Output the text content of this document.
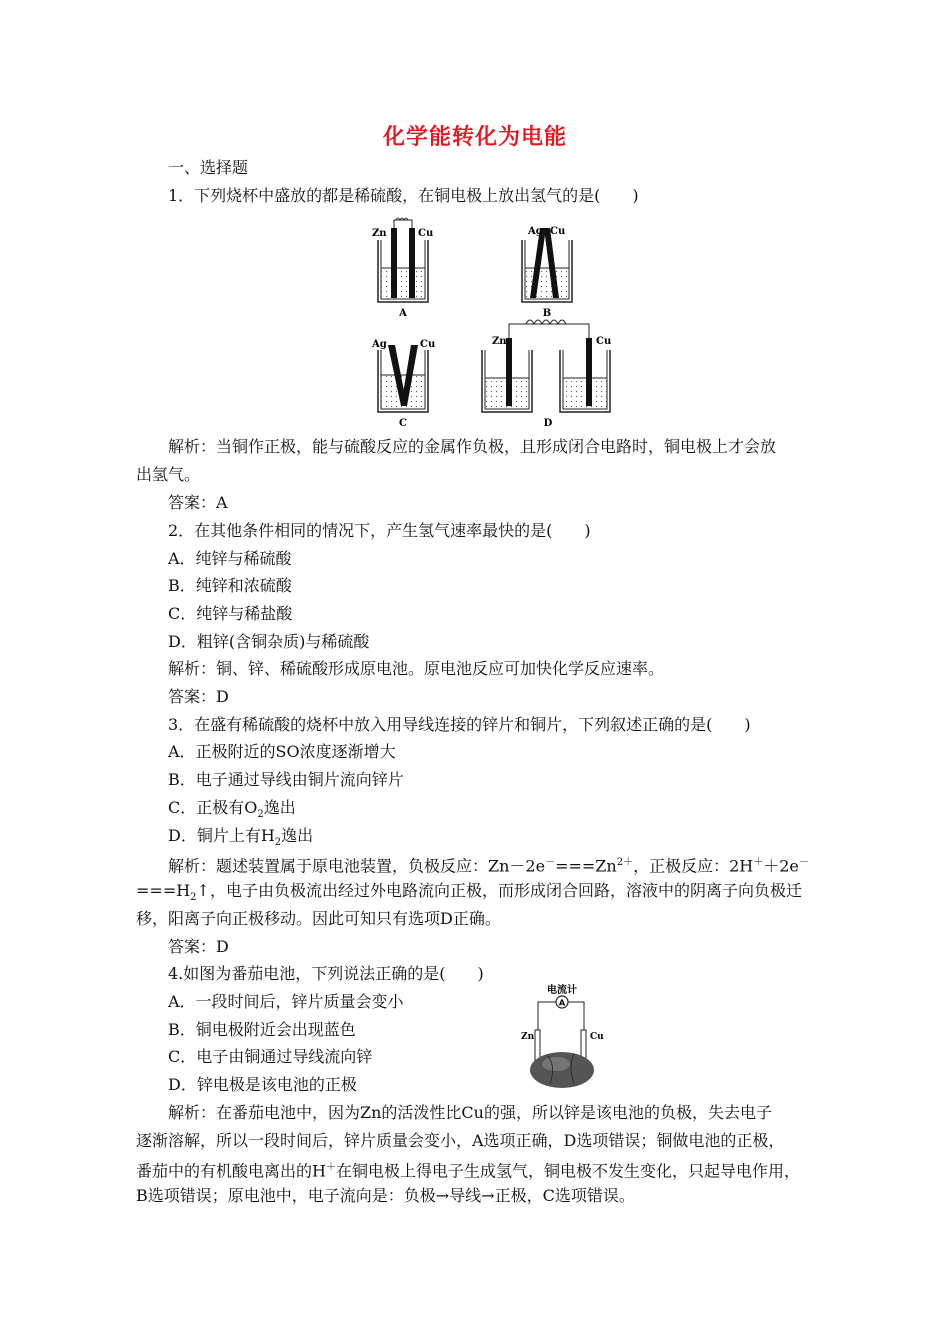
化学能转化为电能
一、选择题
1．下列烧杯中盛放的都是稀硫酸，在铜电极上放出氢气的是(　　)
Zn	Cu
A
Ag Cu
B
Ag	Cu
C
Zn	Cu
D
解析：当铜作正极，能与硫酸反应的金属作负极，且形成闭合电路时，铜电极上才会放
出氢气。
答案：A
2．在其他条件相同的情况下，产生氢气速率最快的是(　　)
A．纯锌与稀硫酸
B．纯锌和浓硫酸
C．纯锌与稀盐酸
D．粗锌(含铜杂质)与稀硫酸
解析：铜、锌、稀硫酸形成原电池。原电池反应可加快化学反应速率。
答案：D
3．在盛有稀硫酸的烧杯中放入用导线连接的锌片和铜片，下列叙述正确的是(　　)
A．正极附近的SO浓度逐渐增大
B．电子通过导线由铜片流向锌片
C．正极有$O_2$逸出
D．铜片上有$H_2$逸出
解析：题述装置属于原电池装置，负极反应：$Zn-2e^-===Zn^{2+}$，正极反应：2H＋＋2e－
$===H_2↑$，电子由负极流出经过外电路流向正极，而形成闭合回路，溶液中的阴离子向负极迁
移，阳离子向正极移动。因此可知只有选项D正确。
答案：D
4.如图为番茄电池，下列说法正确的是(　　)
A．一段时间后，锌片质量会变小
B．铜电极附近会出现蓝色
C．电子由铜通过导线流向锌
D．锌电极是该电池的正极
电流计
A
Zn	Cu
解析：在番茄电池中，因为Zn的活泼性比Cu的强，所以锌是该电池的负极，失去电子
逐渐溶解，所以一段时间后，锌片质量会变小，A选项正确，D选项错误；铜做电池的正极，
番茄中的有机酸电离出的H＋在铜电极上得电子生成氢气，铜电极不发生变化，只起导电作用，
B选项错误；原电池中，电子流向是：负极→导线→正极，C选项错误。
